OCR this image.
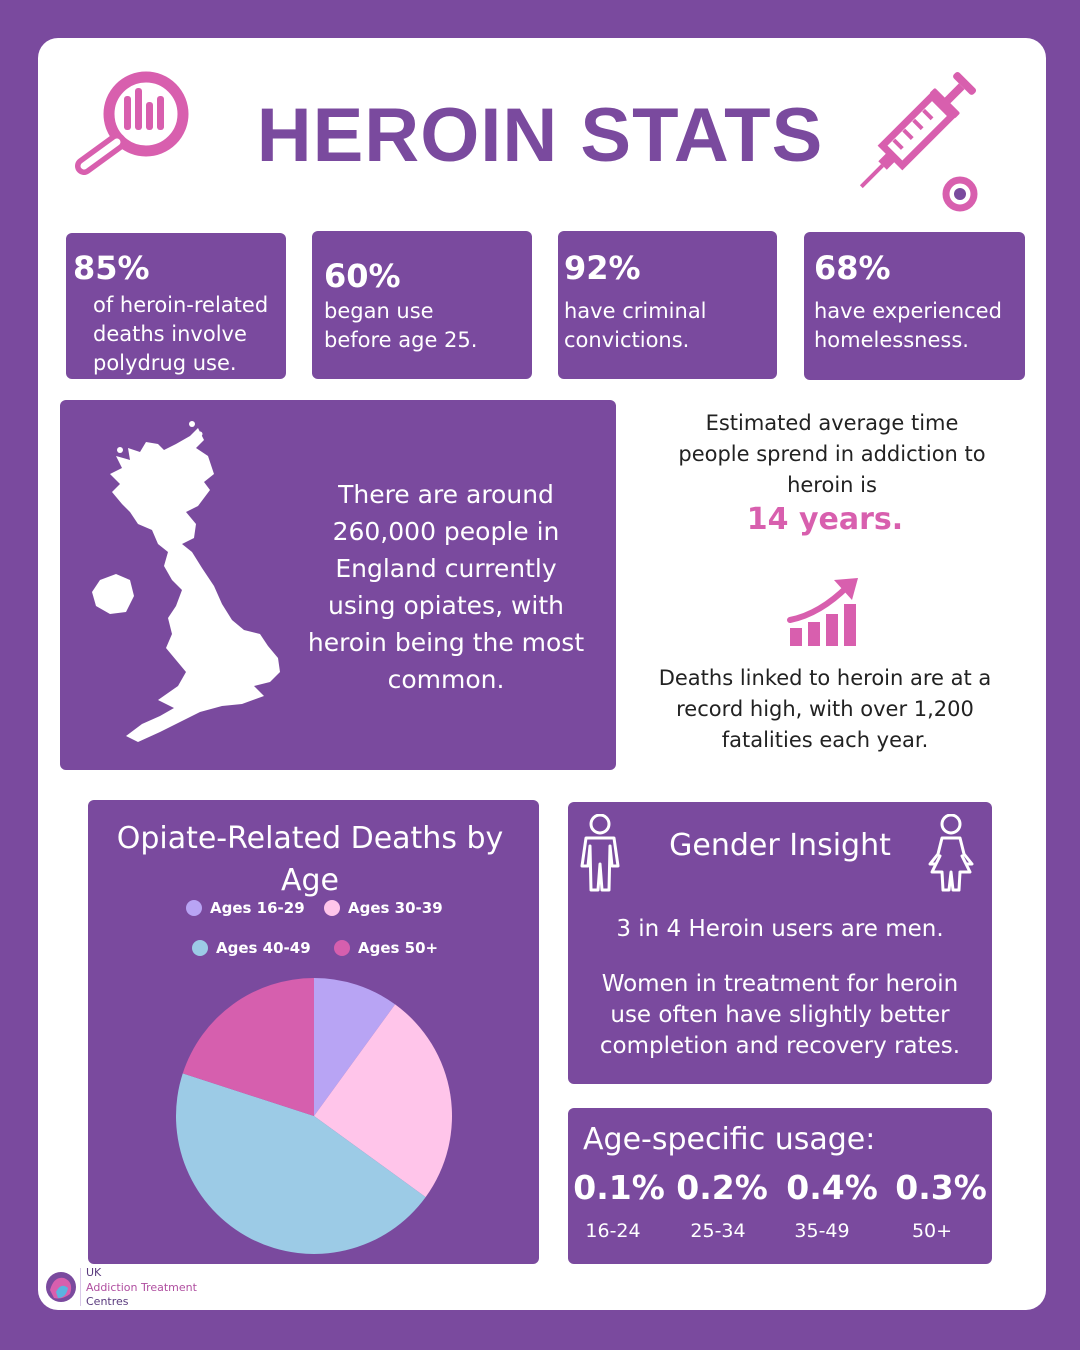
HEROIN STATS
85%
of heroin-related
deaths involve
polydrug use.
60%
began use
before age 25.
92%
have criminal
convictions.
68%
have experienced
homelessness.
There are around
260,000 people in
England currently
using opiates, with
heroin being the most
common.
Estimated average time
people sprend in addiction to
heroin is
14 years.
Deaths linked to heroin are at a
record high, with over 1,200
fatalities each year.
Opiate-Related Deaths by Age
Ages 16-29	Ages 30-39
Ages 40-49	Ages 50+
Gender Insight
3 in 4 Heroin users are men.
Women in treatment for heroin
use often have slightly better
completion and recovery rates.
Age-specific usage:
0.1% 0.2% 0.4% 0.3%
16-24	25-34	35-49	50+
UK
Addiction Treatment
Centres
